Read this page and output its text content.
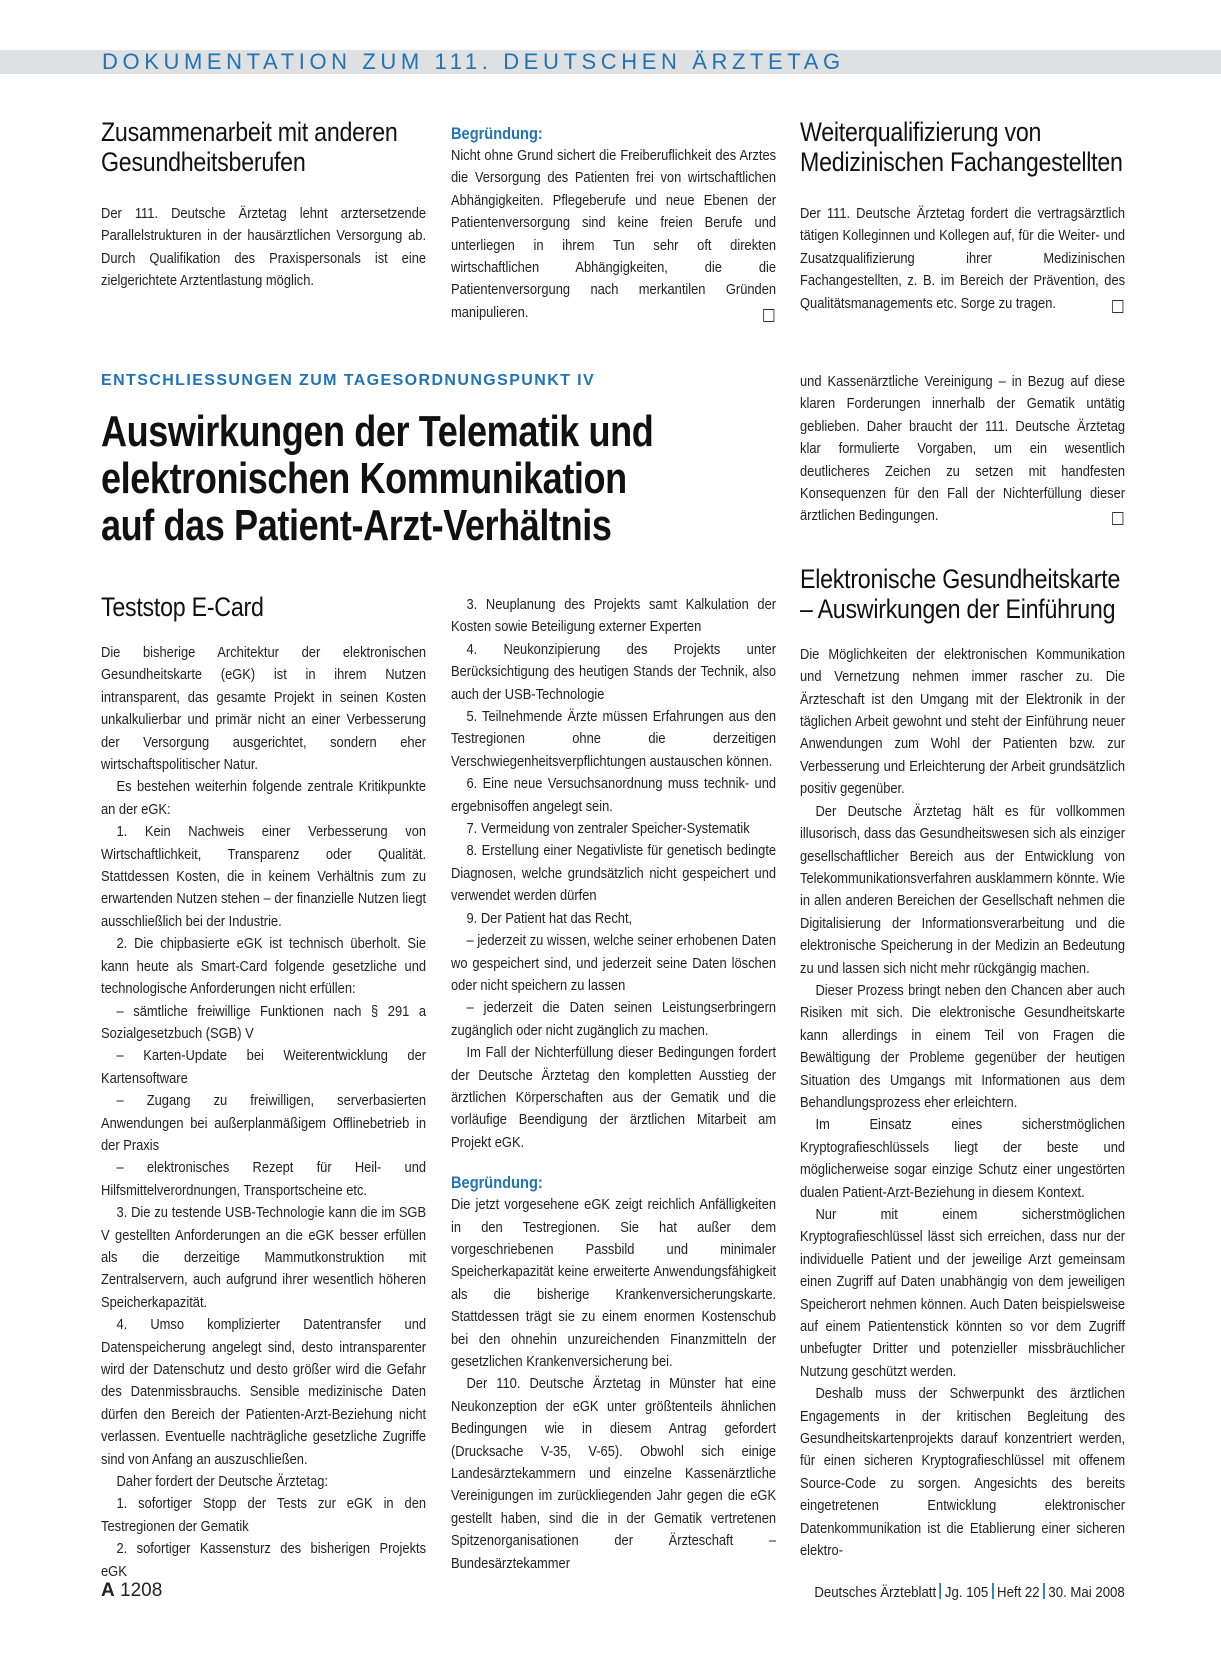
DOKUMENTATION ZUM 111. DEUTSCHEN ÄRZTETAG
Zusammenarbeit mit anderen Gesundheitsberufen

Der 111. Deutsche Ärztetag lehnt arztersetzende Parallelstrukturen in der hausärztlichen Versorgung ab. Durch Qualifikation des Praxispersonals ist eine zielgerichtete Arztentlastung möglich.

Begründung:

Nicht ohne Grund sichert die Freiberuflichkeit des Arztes die Versorgung des Patienten frei von wirtschaftlichen Abhängigkeiten. Pflegeberufe und neue Ebenen der Patientenversorgung sind keine freien Berufe und unterliegen in ihrem Tun sehr oft direkten wirtschaftlichen Abhängigkeiten, die die Patientenversorgung nach merkantilen Gründen manipulieren.

Weiterqualifizierung von Medizinischen Fachangestellten

Der 111. Deutsche Ärztetag fordert die vertragsärztlich tätigen Kolleginnen und Kollegen auf, für die Weiter- und Zusatzqualifizierung ihrer Medizinischen Fachangestellten, z. B. im Bereich der Prävention, des Qualitätsmanagements etc. Sorge zu tragen.

ENTSCHLIESSUNGEN ZUM TAGESORDNUNGSPUNKT IV
Auswirkungen der Telematik und
elektronischen Kommunikation
auf das Patient-Arzt-Verhältnis
Teststop E-Card

Die bisherige Architektur der elektronischen Gesundheitskarte (eGK) ist in ihrem Nutzen intransparent, das gesamte Projekt in seinen Kosten unkalkulierbar und primär nicht an einer Verbesserung der Versorgung ausgerichtet, sondern eher wirtschaftspolitischer Natur.

Es bestehen weiterhin folgende zentrale Kritikpunkte an der eGK:

1. Kein Nachweis einer Verbesserung von Wirtschaftlichkeit, Transparenz oder Qualität. Stattdessen Kosten, die in keinem Verhältnis zum zu erwartenden Nutzen stehen – der finanzielle Nutzen liegt ausschließlich bei der Industrie.

2. Die chipbasierte eGK ist technisch überholt. Sie kann heute als Smart-Card folgende gesetzliche und technologische Anforderungen nicht erfüllen:

– sämtliche freiwillige Funktionen nach § 291 a Sozialgesetzbuch (SGB) V

– Karten-Update bei Weiterentwicklung der Kartensoftware

– Zugang zu freiwilligen, serverbasierten Anwendungen bei außerplanmäßigem Offlinebetrieb in der Praxis

– elektronisches Rezept für Heil- und Hilfsmittelverordnungen, Transportscheine etc.

3. Die zu testende USB-Technologie kann die im SGB V gestellten Anforderungen an die eGK besser erfüllen als die derzeitige Mammutkonstruktion mit Zentralservern, auch aufgrund ihrer wesentlich höheren Speicherkapazität.

4. Umso komplizierter Datentransfer und Datenspeicherung angelegt sind, desto intransparenter wird der Datenschutz und desto größer wird die Gefahr des Datenmissbrauchs. Sensible medizinische Daten dürfen den Bereich der Patienten-Arzt-Beziehung nicht verlassen. Eventuelle nachträgliche gesetzliche Zugriffe sind von Anfang an auszuschließen.

Daher fordert der Deutsche Ärztetag:

1. sofortiger Stopp der Tests zur eGK in den Testregionen der Gematik

2. sofortiger Kassensturz des bisherigen Projekts eGK

3. Neuplanung des Projekts samt Kalkulation der Kosten sowie Beteiligung externer Experten

4. Neukonzipierung des Projekts unter Berücksichtigung des heutigen Stands der Technik, also auch der USB-Technologie

5. Teilnehmende Ärzte müssen Erfahrungen aus den Testregionen ohne die derzeitigen Verschwiegenheitsverpflichtungen austauschen können.

6. Eine neue Versuchsanordnung muss technik- und ergebnisoffen angelegt sein.

7. Vermeidung von zentraler Speicher-Systematik

8. Erstellung einer Negativliste für genetisch bedingte Diagnosen, welche grundsätzlich nicht gespeichert und verwendet werden dürfen

9. Der Patient hat das Recht,

– jederzeit zu wissen, welche seiner erhobenen Daten wo gespeichert sind, und jederzeit seine Daten löschen oder nicht speichern zu lassen

– jederzeit die Daten seinen Leistungserbringern zugänglich oder nicht zugänglich zu machen.

Im Fall der Nichterfüllung dieser Bedingungen fordert der Deutsche Ärztetag den kompletten Ausstieg der ärztlichen Körperschaften aus der Gematik und die vorläufige Beendigung der ärztlichen Mitarbeit am Projekt eGK.

Begründung:

Die jetzt vorgesehene eGK zeigt reichlich Anfälligkeiten in den Testregionen. Sie hat außer dem vorgeschriebenen Passbild und minimaler Speicherkapazität keine erweiterte Anwendungsfähigkeit als die bisherige Krankenversicherungskarte. Stattdessen trägt sie zu einem enormen Kostenschub bei den ohnehin unzureichenden Finanzmitteln der gesetzlichen Krankenversicherung bei.

Der 110. Deutsche Ärztetag in Münster hat eine Neukonzeption der eGK unter größtenteils ähnlichen Bedingungen wie in diesem Antrag gefordert (Drucksache V-35, V-65). Obwohl sich einige Landesärztekammern und einzelne Kassenärztliche Vereinigungen im zurückliegenden Jahr gegen die eGK gestellt haben, sind die in der Gematik vertretenen Spitzenorganisationen der Ärzteschaft – Bundesärztekammer

und Kassenärztliche Vereinigung – in Bezug auf diese klaren Forderungen innerhalb der Gematik untätig geblieben. Daher braucht der 111. Deutsche Ärztetag klar formulierte Vorgaben, um ein wesentlich deutlicheres Zeichen zu setzen mit handfesten Konsequenzen für den Fall der Nichterfüllung dieser ärztlichen Bedingungen.

Elektronische Gesundheitskarte – Auswirkungen der Einführung

Die Möglichkeiten der elektronischen Kommunikation und Vernetzung nehmen immer rascher zu. Die Ärzteschaft ist den Umgang mit der Elektronik in der täglichen Arbeit gewohnt und steht der Einführung neuer Anwendungen zum Wohl der Patienten bzw. zur Verbesserung und Erleichterung der Arbeit grundsätzlich positiv gegenüber.

Der Deutsche Ärztetag hält es für vollkommen illusorisch, dass das Gesundheitswesen sich als einziger gesellschaftlicher Bereich aus der Entwicklung von Telekommunikationsverfahren ausklammern könnte. Wie in allen anderen Bereichen der Gesellschaft nehmen die Digitalisierung der Informationsverarbeitung und die elektronische Speicherung in der Medizin an Bedeutung zu und lassen sich nicht mehr rückgängig machen.

Dieser Prozess bringt neben den Chancen aber auch Risiken mit sich. Die elektronische Gesundheitskarte kann allerdings in einem Teil von Fragen die Bewältigung der Probleme gegenüber der heutigen Situation des Umgangs mit Informationen aus dem Behandlungsprozess eher erleichtern.

Im Einsatz eines sicherstmöglichen Kryptografieschlüssels liegt der beste und möglicherweise sogar einzige Schutz einer ungestörten dualen Patient-Arzt-Beziehung in diesem Kontext.

Nur mit einem sicherstmöglichen Kryptografieschlüssel lässt sich erreichen, dass nur der individuelle Patient und der jeweilige Arzt gemeinsam einen Zugriff auf Daten unabhängig von dem jeweiligen Speicherort nehmen können. Auch Daten beispielsweise auf einem Patientenstick könnten so vor dem Zugriff unbefugter Dritter und potenzieller missbräuchlicher Nutzung geschützt werden.

Deshalb muss der Schwerpunkt des ärztlichen Engagements in der kritischen Begleitung des Gesundheitskartenprojekts darauf konzentriert werden, für einen sicheren Kryptografieschlüssel mit offenem Source-Code zu sorgen. Angesichts des bereits eingetretenen Entwicklung elektronischer Datenkommunikation ist die Etablierung einer sicheren elektro-

A 1208	Deutsches Ärzteblatt Jg. 105 Heft 22 30. Mai 2008
